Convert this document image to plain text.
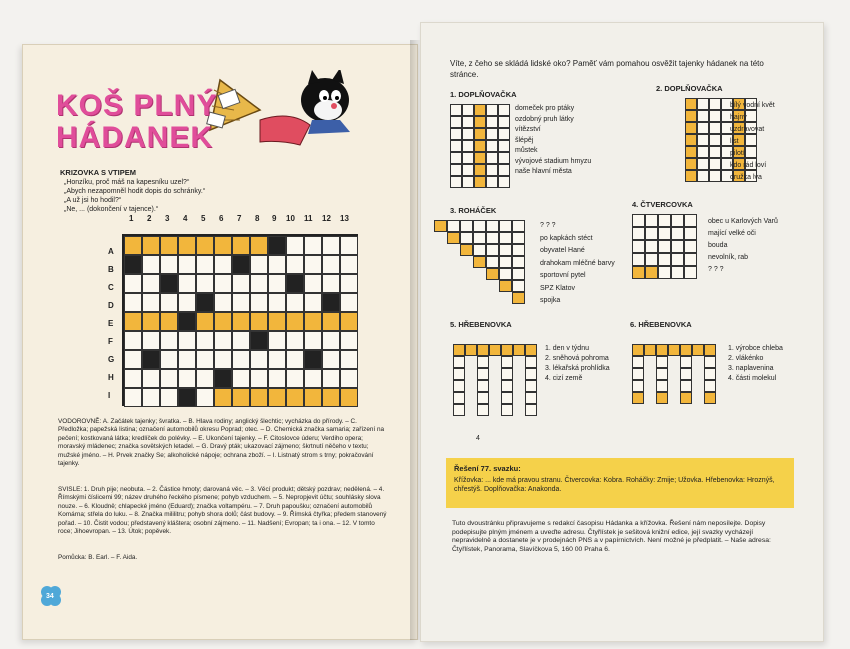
KOŠ PLNÝ
HÁDANEK
KRIZOVKA S VTIPEM
„Honzíku, proč máš na kapesníku uzel?“
„Abych nezapomněl hodit dopis do schránky.“
„A už jsi ho hodil?“
„Ne, ... (dokončení v tajence).“
1 2 3 4 5 6 7 8 9 10 11 12 13
A
B
C
D
E
F
G
H
I
VODOROVNĚ: A. Začátek tajenky; švratka. – B. Hlava rodiny; anglický šlechtic; vycházka do přírody. – C. Předložka; papežská listina; označení automobilů okresu Poprad; otec. – D. Chemická značka samaria; zařízení na pečení; kostkovaná látka; kredlíček do polévky. – E. Ukončení tajenky. – F. Citoslovce úderu; Verdiho opera; moravský mládenec; značka sovětských letadel. – G. Dravý pták; ukazovací zájmeno; škrtnutí něčeho v textu; mužské jméno. – H. Prvek značky Se; alkoholické nápoje; ochrana zboží. – I. Listnatý strom s trny; pokračování tajenky.
SVISLE: 1. Druh pije; neobuta. – 2. Částice hmoty; darovaná věc. – 3. Věcí produkt; dětský pozdrav; nedělená. – 4. Římskými číslicemi 99; název druhého řeckého písmene; pohyb vzduchem. – 5. Nepropjevit účtu; souhlásky slova nouze. – 6. Kloudně; chlapecké jméno (Eduard); značka voltampéru. – 7. Druh papoušku; označení automobilů Komárna; střela do luku. – 8. Značka mililitru; pohyb shora dolů; část budovy. – 9. Římská čtyřka; předem stanovený pořad. – 10. Čistit vodou; představený kláštera; osobní zájmeno. – 11. Nadšení; Evropan; ta i ona. – 12. V tomto roce; Jihoevropan. – 13. Útok; popěvek.
Pomůcka: B. Earl. – F. Aida.
34
Víte, z čeho se skládá lidské oko? Paměť vám pomahou osvěžit tajenky hádanek na této stránce.
1. DOPLŇOVAČKA
domeček pro ptáky
ozdobný pruh látky
vítězství
šlépěj
můstek
vývojové stadium hmyzu
naše hlavní města
2. DOPLŇOVAČKA
bílý vodní květ
hajný
uzdravovat
list
pilotí
kdo rád loví
družka lva
3. ROHÁČEK
? ? ?
po kapkách stéct
obyvatel Hané
drahokam mléčné barvy
sportovní pytel
SPZ Klatov
spojka
4. ČTVERCOVKA
obec u Karlových Varů
mající velké oči
bouda
nevolník, rab
? ? ?
5. HŘEBENOVKA
1. den v týdnu
2. sněhová pohroma
3. lékařská prohlídka
4. cizí země
4
6. HŘEBENOVKA
1. výrobce chleba
2. vlákénko
3. naplavenina
4. části molekul
Řešení 77. svazku:
Křížovka: ... kde má pravou stranu. Čtvercovka: Kobra. Roháčky: Zmije; Užovka. Hřebenovka: Hroznýš, chřestýš. Doplňovačka: Anakonda.
Tuto dvoustránku připravujeme s redakcí časopisu Hádanka a křížovka. Řešení nám neposílejte. Dopisy podepisujte plným jménem a uveďte adresu. Čtyřlístek je sešitová knižní edice, její svazky vycházejí nepravidelně a dostanete je v prodejnách PNS a v papírnictvích. Není možné je předplatit. – Naše adresa: Čtyřlístek, Panorama, Slavíčkova 5, 160 00 Praha 6.
